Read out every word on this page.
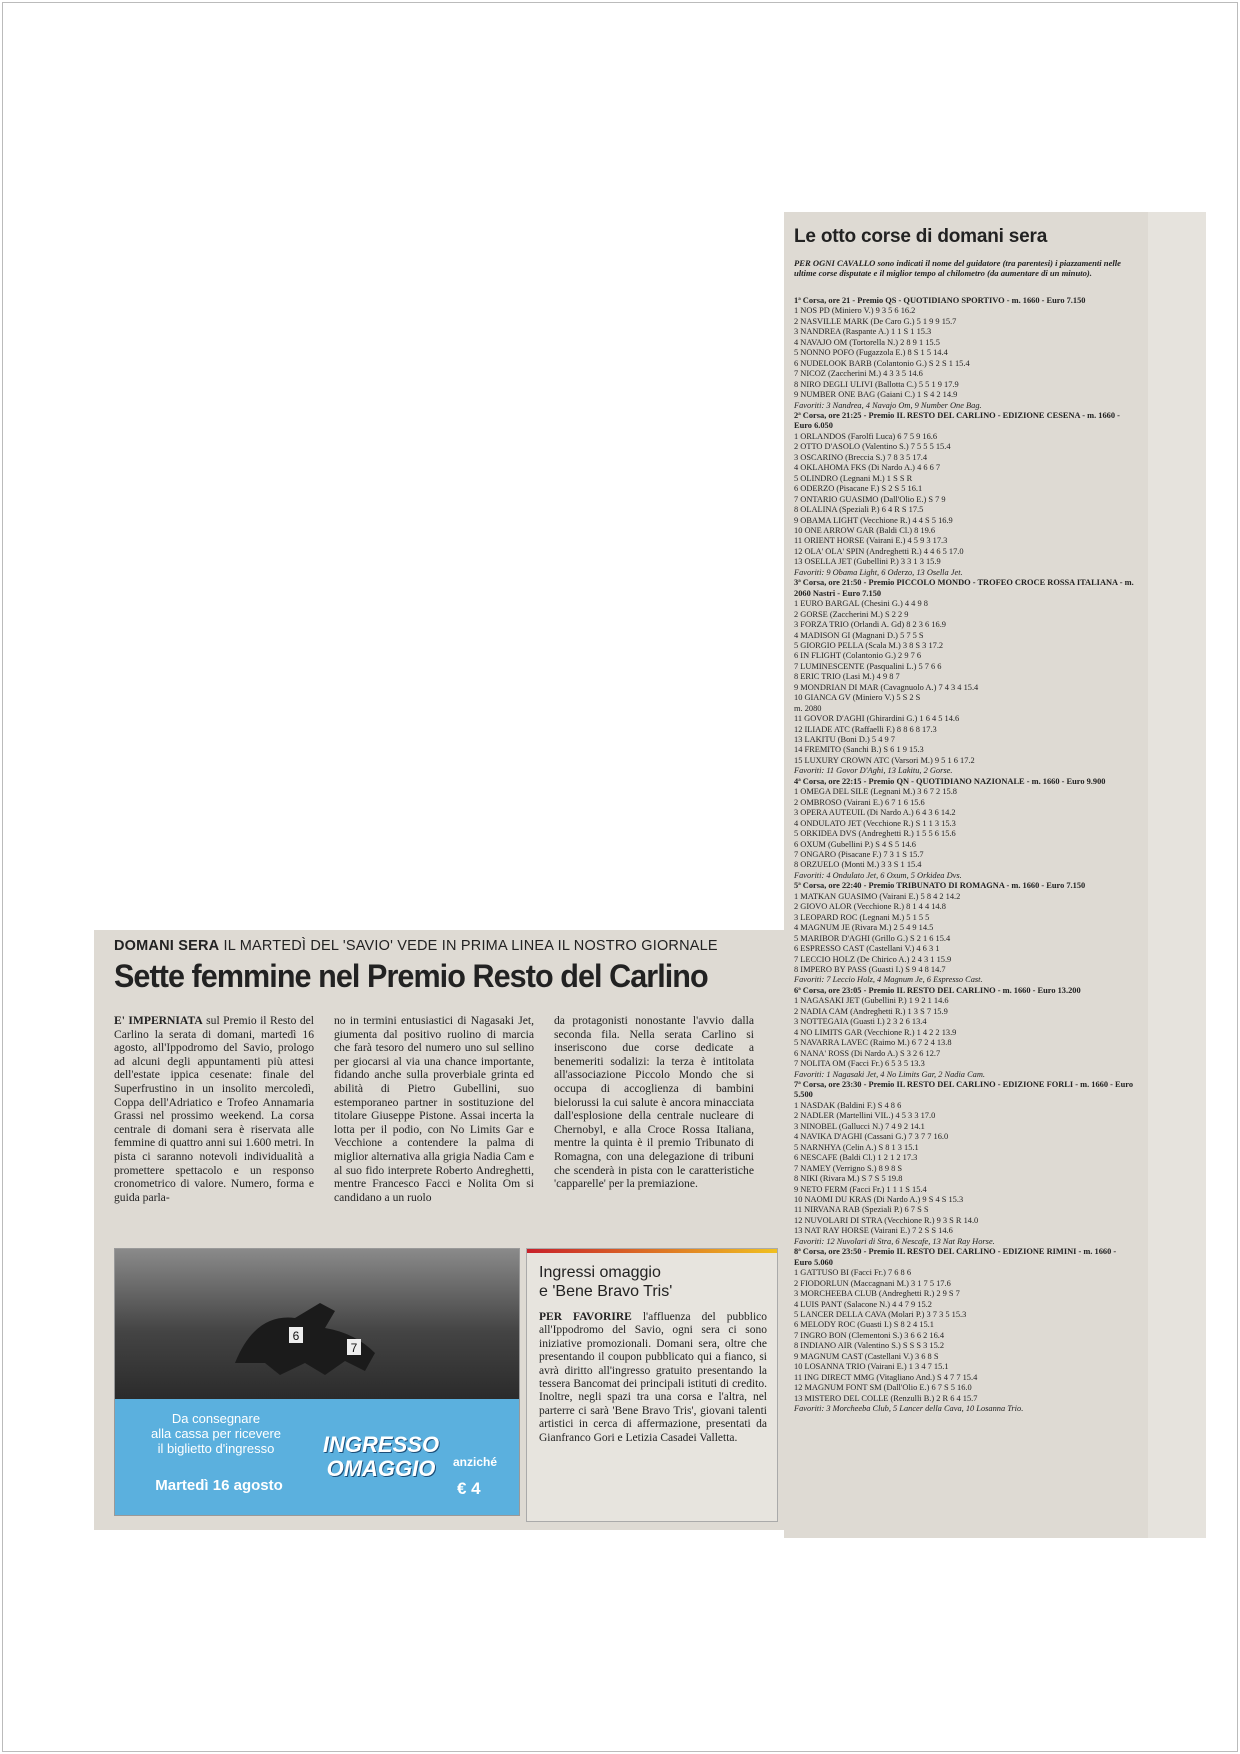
Le otto corse di domani sera
PER OGNI CAVALLO sono indicati il nome del guidatore (tra parentesi) i piazzamenti nelle ultime corse disputate e il miglior tempo al chilometro (da aumentare di un minuto).
1ª Corsa, ore 21 - Premio QS - QUOTIDIANO SPORTIVO - m. 1660 - Euro 7.150
1 NOS PD (Miniero V.) 9 3 5 6 16.2
2 NASVILLE MARK (De Caro G.) 5 1 9 9 15.7
3 NANDREA (Raspante A.) 1 1 S 1 15.3
4 NAVAJO OM (Tortorella N.) 2 8 9 1 15.5
5 NONNO POFO (Fugazzola E.) 8 S 1 5 14.4
6 NUDELOOK BARB (Colantonio G.) S 2 S 1 15.4
7 NICOZ (Zaccherini M.) 4 3 3 5 14.6
8 NIRO DEGLI ULIVI (Ballotta C.) 5 5 1 9 17.9
9 NUMBER ONE BAG (Gaiani C.) 1 S 4 2 14.9
Favoriti: 3 Nandrea, 4 Navajo Om, 9 Number One Bag.
2ª Corsa, ore 21:25 - Premio IL RESTO DEL CARLINO - EDIZIONE CESENA - m. 1660 - Euro 6.050
1 ORLANDOS (Farolfi Luca) 6 7 5 9 16.6
2 OTTO D'ASOLO (Valentino S.) 7 5 5 5 15.4
3 OSCARINO (Breccia S.) 7 8 3 5 17.4
4 OKLAHOMA FKS (Di Nardo A.) 4 6 6 7
5 OLINDRO (Legnani M.) 1 S S R
6 ODERZO (Pisacane F.) S 2 S 5 16.1
7 ONTARIO GUASIMO (Dall'Olio E.) S 7 9
8 OLALINA (Speziali P.) 6 4 R S 17.5
9 OBAMA LIGHT (Vecchione R.) 4 4 S 5 16.9
10 ONE ARROW GAR (Baldi Cl.) 8 19.6
11 ORIENT HORSE (Vairani E.) 4 5 9 3 17.3
12 OLA' OLA' SPIN (Andreghetti R.) 4 4 6 5 17.0
13 OSELLA JET (Gubellini P.) 3 3 1 3 15.9
Favoriti: 9 Obama Light, 6 Oderzo, 13 Osella Jet.
3ª Corsa, ore 21:50 - Premio PICCOLO MONDO - TROFEO CROCE ROSSA ITALIANA - m. 2060 Nastri - Euro 7.150
1 EURO BARGAL (Chesini G.) 4 4 9 8
2 GORSE (Zaccherini M.) S 2 2 9
3 FORZA TRIO (Orlandi A. Gd) 8 2 3 6 16.9
4 MADISON GI (Magnani D.) 5 7 5 S
5 GIORGIO PELLA (Scala M.) 3 8 S 3 17.2
6 IN FLIGHT (Colantonio G.) 2 9 7 6
7 LUMINESCENTE (Pasqualini L.) 5 7 6 6
8 ERIC TRIO (Lasi M.) 4 9 8 7
9 MONDRIAN DI MAR (Cavagnuolo A.) 7 4 3 4 15.4
10 GIANCA GV (Miniero V.) 5 S 2 S
m. 2080
11 GOVOR D'AGHI (Ghirardini G.) 1 6 4 5 14.6
12 ILIADE ATC (Raffaelli F.) 8 8 6 8 17.3
13 LAKITU (Boni D.) 5 4 9 7
14 FREMITO (Sanchi B.) S 6 1 9 15.3
15 LUXURY CROWN ATC (Varsori M.) 9 5 1 6 17.2
Favoriti: 11 Govor D'Aghi, 13 Lakitu, 2 Gorse.
4ª Corsa, ore 22:15 - Premio QN - QUOTIDIANO NAZIONALE - m. 1660 - Euro 9.900
1 OMEGA DEL SILE (Legnani M.) 3 6 7 2 15.8
2 OMBROSO (Vairani E.) 6 7 1 6 15.6
3 OPERA AUTEUIL (Di Nardo A.) 6 4 3 6 14.2
4 ONDULATO JET (Vecchione R.) S 1 1 3 15.3
5 ORKIDEA DVS (Andreghetti R.) 1 5 5 6 15.6
6 OXUM (Gubellini P.) S 4 S 5 14.6
7 ONGARO (Pisacane F.) 7 3 1 S 15.7
8 ORZUELO (Monti M.) 3 3 S 1 15.4
Favoriti: 4 Ondulato Jet, 6 Oxum, 5 Orkidea Dvs.
5ª Corsa, ore 22:40 - Premio TRIBUNATO DI ROMAGNA - m. 1660 - Euro 7.150
1 MATKAN GUASIMO (Vairani E.) 5 8 4 2 14.2
2 GIOVO ALOR (Vecchione R.) 8 1 4 4 14.8
3 LEOPARD ROC (Legnani M.) 5 1 5 5
4 MAGNUM JE (Rivara M.) 2 5 4 9 14.5
5 MARIBOR D'AGHI (Grillo G.) S 2 1 6 15.4
6 ESPRESSO CAST (Castellani V.) 4 6 3 1
7 LECCIO HOLZ (De Chirico A.) 2 4 3 1 15.9
8 IMPERO BY PASS (Guasti I.) S 9 4 8 14.7
Favoriti: 7 Leccio Holz, 4 Magnum Je, 6 Espresso Cast.
6ª Corsa, ore 23:05 - Premio IL RESTO DEL CARLINO - m. 1660 - Euro 13.200
1 NAGASAKI JET (Gubellini P.) 1 9 2 1 14.6
2 NADIA CAM (Andreghetti R.) 1 3 S 7 15.9
3 NOTTEGAIA (Guasti I.) 2 3 2 6 13.4
4 NO LIMITS GAR (Vecchione R.) 1 4 2 2 13.9
5 NAVARRA LAVEC (Raimo M.) 6 7 2 4 13.8
6 NANA' ROSS (Di Nardo A.) S 3 2 6 12.7
7 NOLITA OM (Facci Fr.) 6 5 3 5 13.3
Favoriti: 1 Nagasaki Jet, 4 No Limits Gar, 2 Nadia Cam.
7ª Corsa, ore 23:30 - Premio IL RESTO DEL CARLINO - EDIZIONE FORLI - m. 1660 - Euro 5.500
1 NASDAK (Baldini F.) S 4 8 6
2 NADLER (Martellini VIL.) 4 5 3 3 17.0
3 NINOBEL (Gallucci N.) 7 4 9 2 14.1
4 NAVIKA D'AGHI (Cassani G.) 7 3 7 7 16.0
5 NARNHYA (Celin A.) S 8 1 3 15.1
6 NESCAFE (Baldi Cl.) 1 2 1 2 17.3
7 NAMEY (Verrigno S.) 8 9 8 S
8 NIKI (Rivara M.) S 7 S 5 19.8
9 NETO FERM (Facci Fr.) 1 1 1 S 15.4
10 NAOMI DU KRAS (Di Nardo A.) 9 S 4 S 15.3
11 NIRVANA RAB (Speziali P.) 6 7 S S
12 NUVOLARI DI STRA (Vecchione R.) 9 3 S R 14.0
13 NAT RAY HORSE (Vairani E.) 7 2 S S 14.6
Favoriti: 12 Nuvolari di Stra, 6 Nescafe, 13 Nat Ray Horse.
8ª Corsa, ore 23:50 - Premio IL RESTO DEL CARLINO - EDIZIONE RIMINI - m. 1660 - Euro 5.060
1 GATTUSO BI (Facci Fr.) 7 6 8 6
2 FIODORLUN (Maccagnani M.) 3 1 7 5 17.6
3 MORCHEEBA CLUB (Andreghetti R.) 2 9 S 7
4 LUIS PANT (Salacone N.) 4 4 7 9 15.2
5 LANCER DELLA CAVA (Molari P.) 3 7 3 5 15.3
6 MELODY ROC (Guasti I.) S 8 2 4 15.1
7 INGRO BON (Clementoni S.) 3 6 6 2 16.4
8 INDIANO AIR (Valentino S.) S S S 3 15.2
9 MAGNUM CAST (Castellani V.) 3 6 8 S
10 LOSANNA TRIO (Vairani E.) 1 3 4 7 15.1
11 ING DIRECT MMG (Vitagliano And.) S 4 7 7 15.4
12 MAGNUM FONT SM (Dall'Olio E.) 6 7 S 5 16.0
13 MISTERO DEL COLLE (Renzulli B.) 2 R 6 4 15.7
Favoriti: 3 Morcheeba Club, 5 Lancer della Cava, 10 Losanna Trio.
DOMANI SERA IL MARTEDÌ DEL 'SAVIO' VEDE IN PRIMA LINEA IL NOSTRO GIORNALE
Sette femmine nel Premio Resto del Carlino
E' IMPERNIATA sul Premio il Resto del Carlino la serata di domani, martedì 16 agosto, all'Ippodromo del Savio, prologo ad alcuni degli appuntamenti più attesi dell'estate ippica cesenate: finale del Superfrustino in un insolito mercoledì, Coppa dell'Adriatico e Trofeo Annamaria Grassi nel prossimo weekend. La corsa centrale di domani sera è riservata alle femmine di quattro anni sui 1.600 metri. In pista ci saranno notevoli individualità a promettere spettacolo e un responso cronometrico di valore. Numero, forma e guida parla-
no in termini entusiastici di Nagasaki Jet, giumenta dal positivo ruolino di marcia che farà tesoro del numero uno sul sellino per giocarsi al via una chance importante, fidando anche sulla proverbiale grinta ed abilità di Pietro Gubellini, suo estemporaneo partner in sostituzione del titolare Giuseppe Pistone. Assai incerta la lotta per il podio, con No Limits Gar e Vecchione a contendere la palma di miglior alternativa alla grigia Nadia Cam e al suo fido interprete Roberto Andreghetti, mentre Francesco Facci e Nolita Om si candidano a un ruolo
da protagonisti nonostante l'avvio dalla seconda fila. Nella serata Carlino si inseriscono due corse dedicate a benemeriti sodalizi: la terza è intitolata all'associazione Piccolo Mondo che si occupa di accoglienza di bambini bielorussi la cui salute è ancora minacciata dall'esplosione della centrale nucleare di Chernobyl, e alla Croce Rossa Italiana, mentre la quinta è il premio Tribunato di Romagna, con una delegazione di tribuni che scenderà in pista con le caratteristiche 'capparelle' per la premiazione.
6
7
Da consegnare
alla cassa per ricevere
il biglietto d'ingresso
Martedì 16 agosto
INGRESSO
OMAGGIO	anziché
€ 4
Ingressi omaggio
e 'Bene Bravo Tris'
PER FAVORIRE l'affluenza del pubblico all'Ippodromo del Savio, ogni sera ci sono iniziative promozionali. Domani sera, oltre che presentando il coupon pubblicato qui a fianco, si avrà diritto all'ingresso gratuito presentando la tessera Bancomat dei principali istituti di credito. Inoltre, negli spazi tra una corsa e l'altra, nel parterre ci sarà 'Bene Bravo Tris', giovani talenti artistici in cerca di affermazione, presentati da Gianfranco Gori e Letizia Casadei Valletta.
